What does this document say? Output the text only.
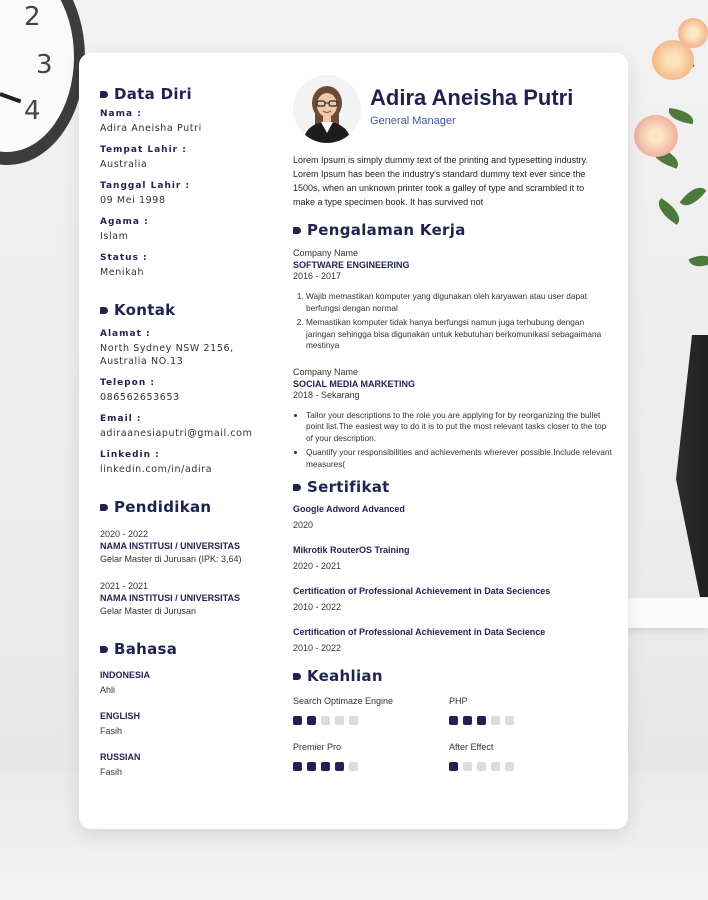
2
3
4
Data Diri
Nama :
Adira Aneisha Putri
Tempat Lahir :
Australia
Tanggal Lahir :
09 Mei 1998
Agama :
Islam
Status :
Menikah
Kontak
Alamat :
North Sydney NSW 2156, Australia NO.13
Telepon :
086562653653
Email :
adiraanesiaputri@gmail.com
Linkedin :
linkedin.com/in/adira
Pendidikan
2020 - 2022
NAMA INSTITUSI / UNIVERSITAS
Gelar Master di Jurusan (IPK: 3,64)
2021 - 2021
NAMA INSTITUSI / UNIVERSITAS
Gelar Master di Jurusan
Bahasa
INDONESIA
Ahli
ENGLISH
Fasih
RUSSIAN
Fasih
Adira Aneisha Putri
General Manager
Lorem Ipsum is simply dummy text of the printing and typesetting industry. Lorem Ipsum has been the industry's standard dummy text ever since the 1500s, when an unknown printer took a galley of type and scrambled it to make a type specimen book. It has survived not
Pengalaman Kerja
Company Name
SOFTWARE ENGINEERING
2016 - 2017
1. Wajib memastikan komputer yang digunakan oleh karyawan atau user dapat berfungsi dengan normal
2. Memastikan komputer tidak hanya berfungsi namun juga terhubung dengan jaringan sehingga bisa digunakan untuk kebutuhan berkomunikasi sebagaimana mestinya
Company Name
SOCIAL MEDIA MARKETING
2018 - Sekarang
• Tailor your descriptions to the role you are applying for by reorganizing the bullet point list.The easiest way to do it is to put the most relevant tasks closer to the top of your description.
• Quantify your responsibilities and achievements wherever possible.Include relevant measures(
Sertifikat
Google Adword Advanced
2020
Mikrotik RouterOS Training
2020 - 2021
Certification of Professional Achievement in Data Seciences
2010 - 2022
Certification of Professional Achievement in Data Secience
2010 - 2022
Keahlian
Search Optimaze Engine	PHP
Premier Pro	After Effect
